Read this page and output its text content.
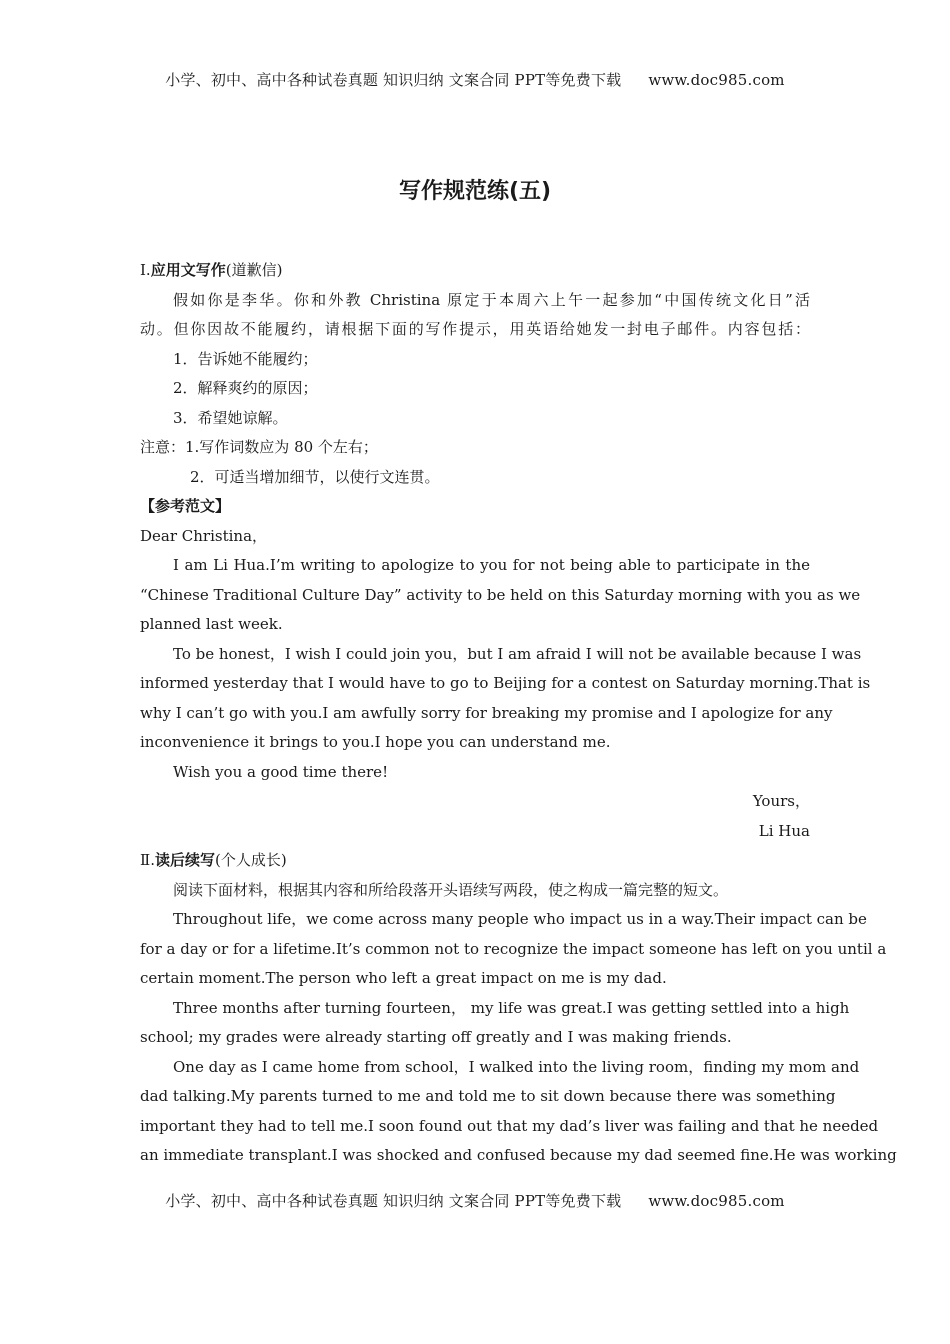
小学、初中、高中各种试卷真题 知识归纳 文案合同 PPT等免费下载 www.doc985.com
写作规范练(五)
Ⅰ.应用文写作(道歉信)
假如你是李华。你和外教 Christina 原定于本周六上午一起参加“中国传统文化日”活
动。但你因故不能履约，请根据下面的写作提示，用英语给她发一封电子邮件。内容包括：
1．告诉她不能履约；
2．解释爽约的原因；
3．希望她谅解。
注意：1.写作词数应为 80 个左右；
2．可适当增加细节，以使行文连贯。
【参考范文】
Dear Christina，
I am Li Hua.I’m writing to apologize to you for not being able to participate in the
“Chinese Traditional Culture Day” activity to be held on this Saturday morning with you as we
planned last week.
To be honest，I wish I could join you，but I am afraid I will not be available because I was
informed yesterday that I would have to go to Beijing for a contest on Saturday morning.That is
why I can’t go with you.I am awfully sorry for breaking my promise and I apologize for any
inconvenience it brings to you.I hope you can understand me.
Wish you a good time there!
Yours，
Li Hua
Ⅱ.读后续写(个人成长)
阅读下面材料，根据其内容和所给段落开头语续写两段，使之构成一篇完整的短文。
Throughout life，we come across many people who impact us in a way.Their impact can be
for a day or for a lifetime.It’s common not to recognize the impact someone has left on you until a
certain moment.The person who left a great impact on me is my dad.
Three months after turning fourteen， my life was great.I was getting settled into a high
school; my grades were already starting off greatly and I was making friends.
One day as I came home from school，I walked into the living room，finding my mom and
dad talking.My parents turned to me and told me to sit down because there was something
important they had to tell me.I soon found out that my dad’s liver was failing and that he needed
an immediate transplant.I was shocked and confused because my dad seemed fine.He was working
小学、初中、高中各种试卷真题 知识归纳 文案合同 PPT等免费下载 www.doc985.com
